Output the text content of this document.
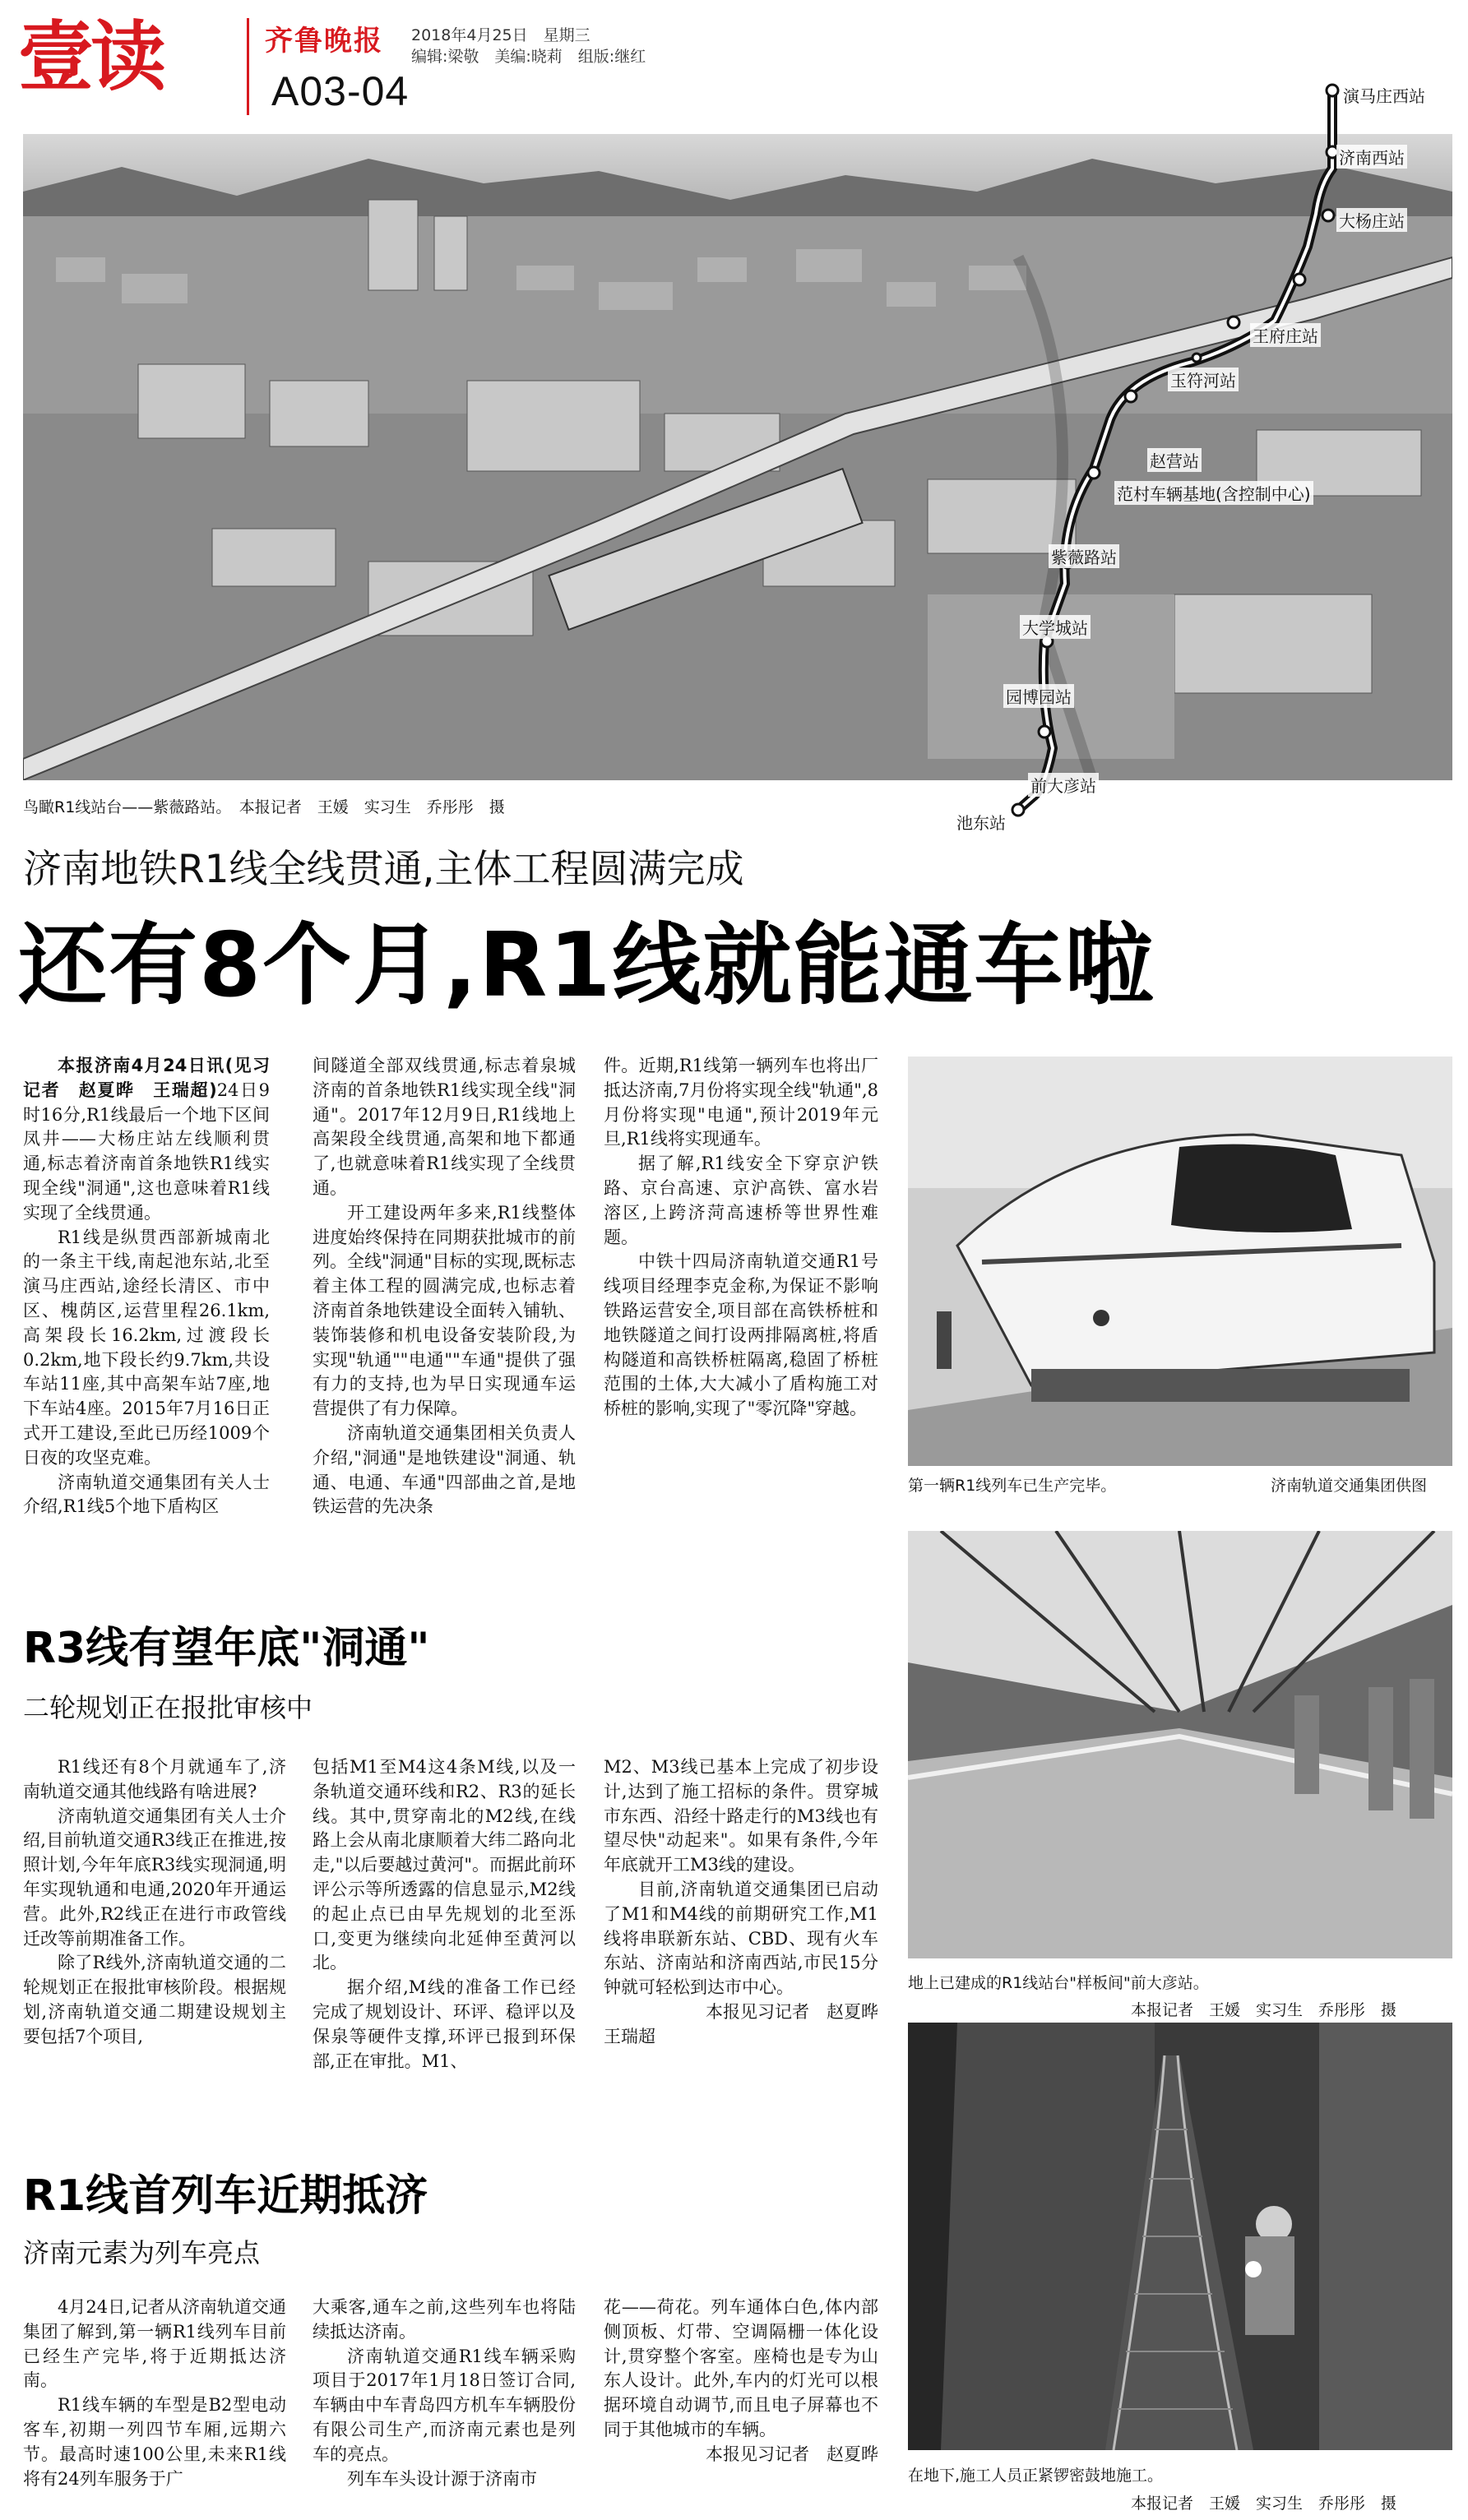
壹读	齐鲁晚报 2018年4月25日　星期三
编辑:梁敬　美编:晓莉　组版:继红
A03-04	演马庄西站
济南西站
大杨庄站
王府庄站
玉符河站
赵营站
范村车辆基地(含控制中心)
紫薇路站
大学城站
园博园站
前大彦站
池东站
鸟瞰R1线站台——紫薇路站。　本报记者　王媛　实习生　乔彤彤　摄
济南地铁R1线全线贯通,主体工程圆满完成
还有8个月,R1线就能通车啦

本报济南4月24日讯(见习记者　赵夏晔　王瑞超)24日9时16分,R1线最后一个地下区间凤井——大杨庄站左线顺利贯通,标志着济南首条地铁R1线实现全线"洞通",这也意味着R1线实现了全线贯通。

R1线是纵贯西部新城南北的一条主干线,南起池东站,北至演马庄西站,途经长清区、市中区、槐荫区,运营里程26.1km,高架段长16.2km,过渡段长0.2km,地下段长约9.7km,共设车站11座,其中高架车站7座,地下车站4座。2015年7月16日正式开工建设,至此已历经1009个日夜的攻坚克难。

济南轨道交通集团有关人士介绍,R1线5个地下盾构区

间隧道全部双线贯通,标志着泉城济南的首条地铁R1线实现全线"洞通"。2017年12月9日,R1线地上高架段全线贯通,高架和地下都通了,也就意味着R1线实现了全线贯通。

开工建设两年多来,R1线整体进度始终保持在同期获批城市的前列。全线"洞通"目标的实现,既标志着主体工程的圆满完成,也标志着济南首条地铁建设全面转入铺轨、装饰装修和机电设备安装阶段,为实现"轨通""电通""车通"提供了强有力的支持,也为早日实现通车运营提供了有力保障。

济南轨道交通集团相关负责人介绍,"洞通"是地铁建设"洞通、轨通、电通、车通"四部曲之首,是地铁运营的先决条

件。近期,R1线第一辆列车也将出厂抵达济南,7月份将实现全线"轨通",8月份将实现"电通",预计2019年元旦,R1线将实现通车。

据了解,R1线安全下穿京沪铁路、京台高速、京沪高铁、富水岩溶区,上跨济菏高速桥等世界性难题。

中铁十四局济南轨道交通R1号线项目经理李克金称,为保证不影响铁路运营安全,项目部在高铁桥桩和地铁隧道之间打设两排隔离桩,将盾构隧道和高铁桥桩隔离,稳固了桥桩范围的土体,大大减小了盾构施工对桥桩的影响,实现了"零沉降"穿越。

第一辆R1线列车已生产完毕。	济南轨道交通集团供图
R3线有望年底"洞通"
二轮规划正在报批审核中

R1线还有8个月就通车了,济南轨道交通其他线路有啥进展?

济南轨道交通集团有关人士介绍,目前轨道交通R3线正在推进,按照计划,今年年底R3线实现洞通,明年实现轨通和电通,2020年开通运营。此外,R2线正在进行市政管线迁改等前期准备工作。

除了R线外,济南轨道交通的二轮规划正在报批审核阶段。根据规划,济南轨道交通二期建设规划主要包括7个项目,

包括M1至M4这4条M线,以及一条轨道交通环线和R2、R3的延长线。其中,贯穿南北的M2线,在线路上会从南北康顺着大纬二路向北走,"以后要越过黄河"。而据此前环评公示等所透露的信息显示,M2线的起止点已由早先规划的北至泺口,变更为继续向北延伸至黄河以北。

据介绍,M线的准备工作已经完成了规划设计、环评、稳评以及保泉等硬件支撑,环评已报到环保部,正在审批。M1、

M2、M3线已基本上完成了初步设计,达到了施工招标的条件。贯穿城市东西、沿经十路走行的M3线也有望尽快"动起来"。如果有条件,今年年底就开工M3线的建设。

目前,济南轨道交通集团已启动了M1和M4线的前期研究工作,M1线将串联新东站、CBD、现有火车东站、济南站和济南西站,市民15分钟就可轻松到达市中心。

本报见习记者　赵夏晔

王瑞超

地上已建成的R1线站台"样板间"前大彦站。
本报记者　王媛　实习生　乔彤彤　摄
R1线首列车近期抵济
济南元素为列车亮点

4月24日,记者从济南轨道交通集团了解到,第一辆R1线列车目前已经生产完毕,将于近期抵达济南。

R1线车辆的车型是B2型电动客车,初期一列四节车厢,远期六节。最高时速100公里,未来R1线将有24列车服务于广

大乘客,通车之前,这些列车也将陆续抵达济南。

济南轨道交通R1线车辆采购项目于2017年1月18日签订合同,车辆由中车青岛四方机车车辆股份有限公司生产,而济南元素也是列车的亮点。

列车车头设计源于济南市

花——荷花。列车通体白色,体内部侧顶板、灯带、空调隔栅一体化设计,贯穿整个客室。座椅也是专为山东人设计。此外,车内的灯光可以根据环境自动调节,而且电子屏幕也不同于其他城市的车辆。

本报见习记者　赵夏晔

在地下,施工人员正紧锣密鼓地施工。
本报记者　王媛　实习生　乔彤彤　摄
